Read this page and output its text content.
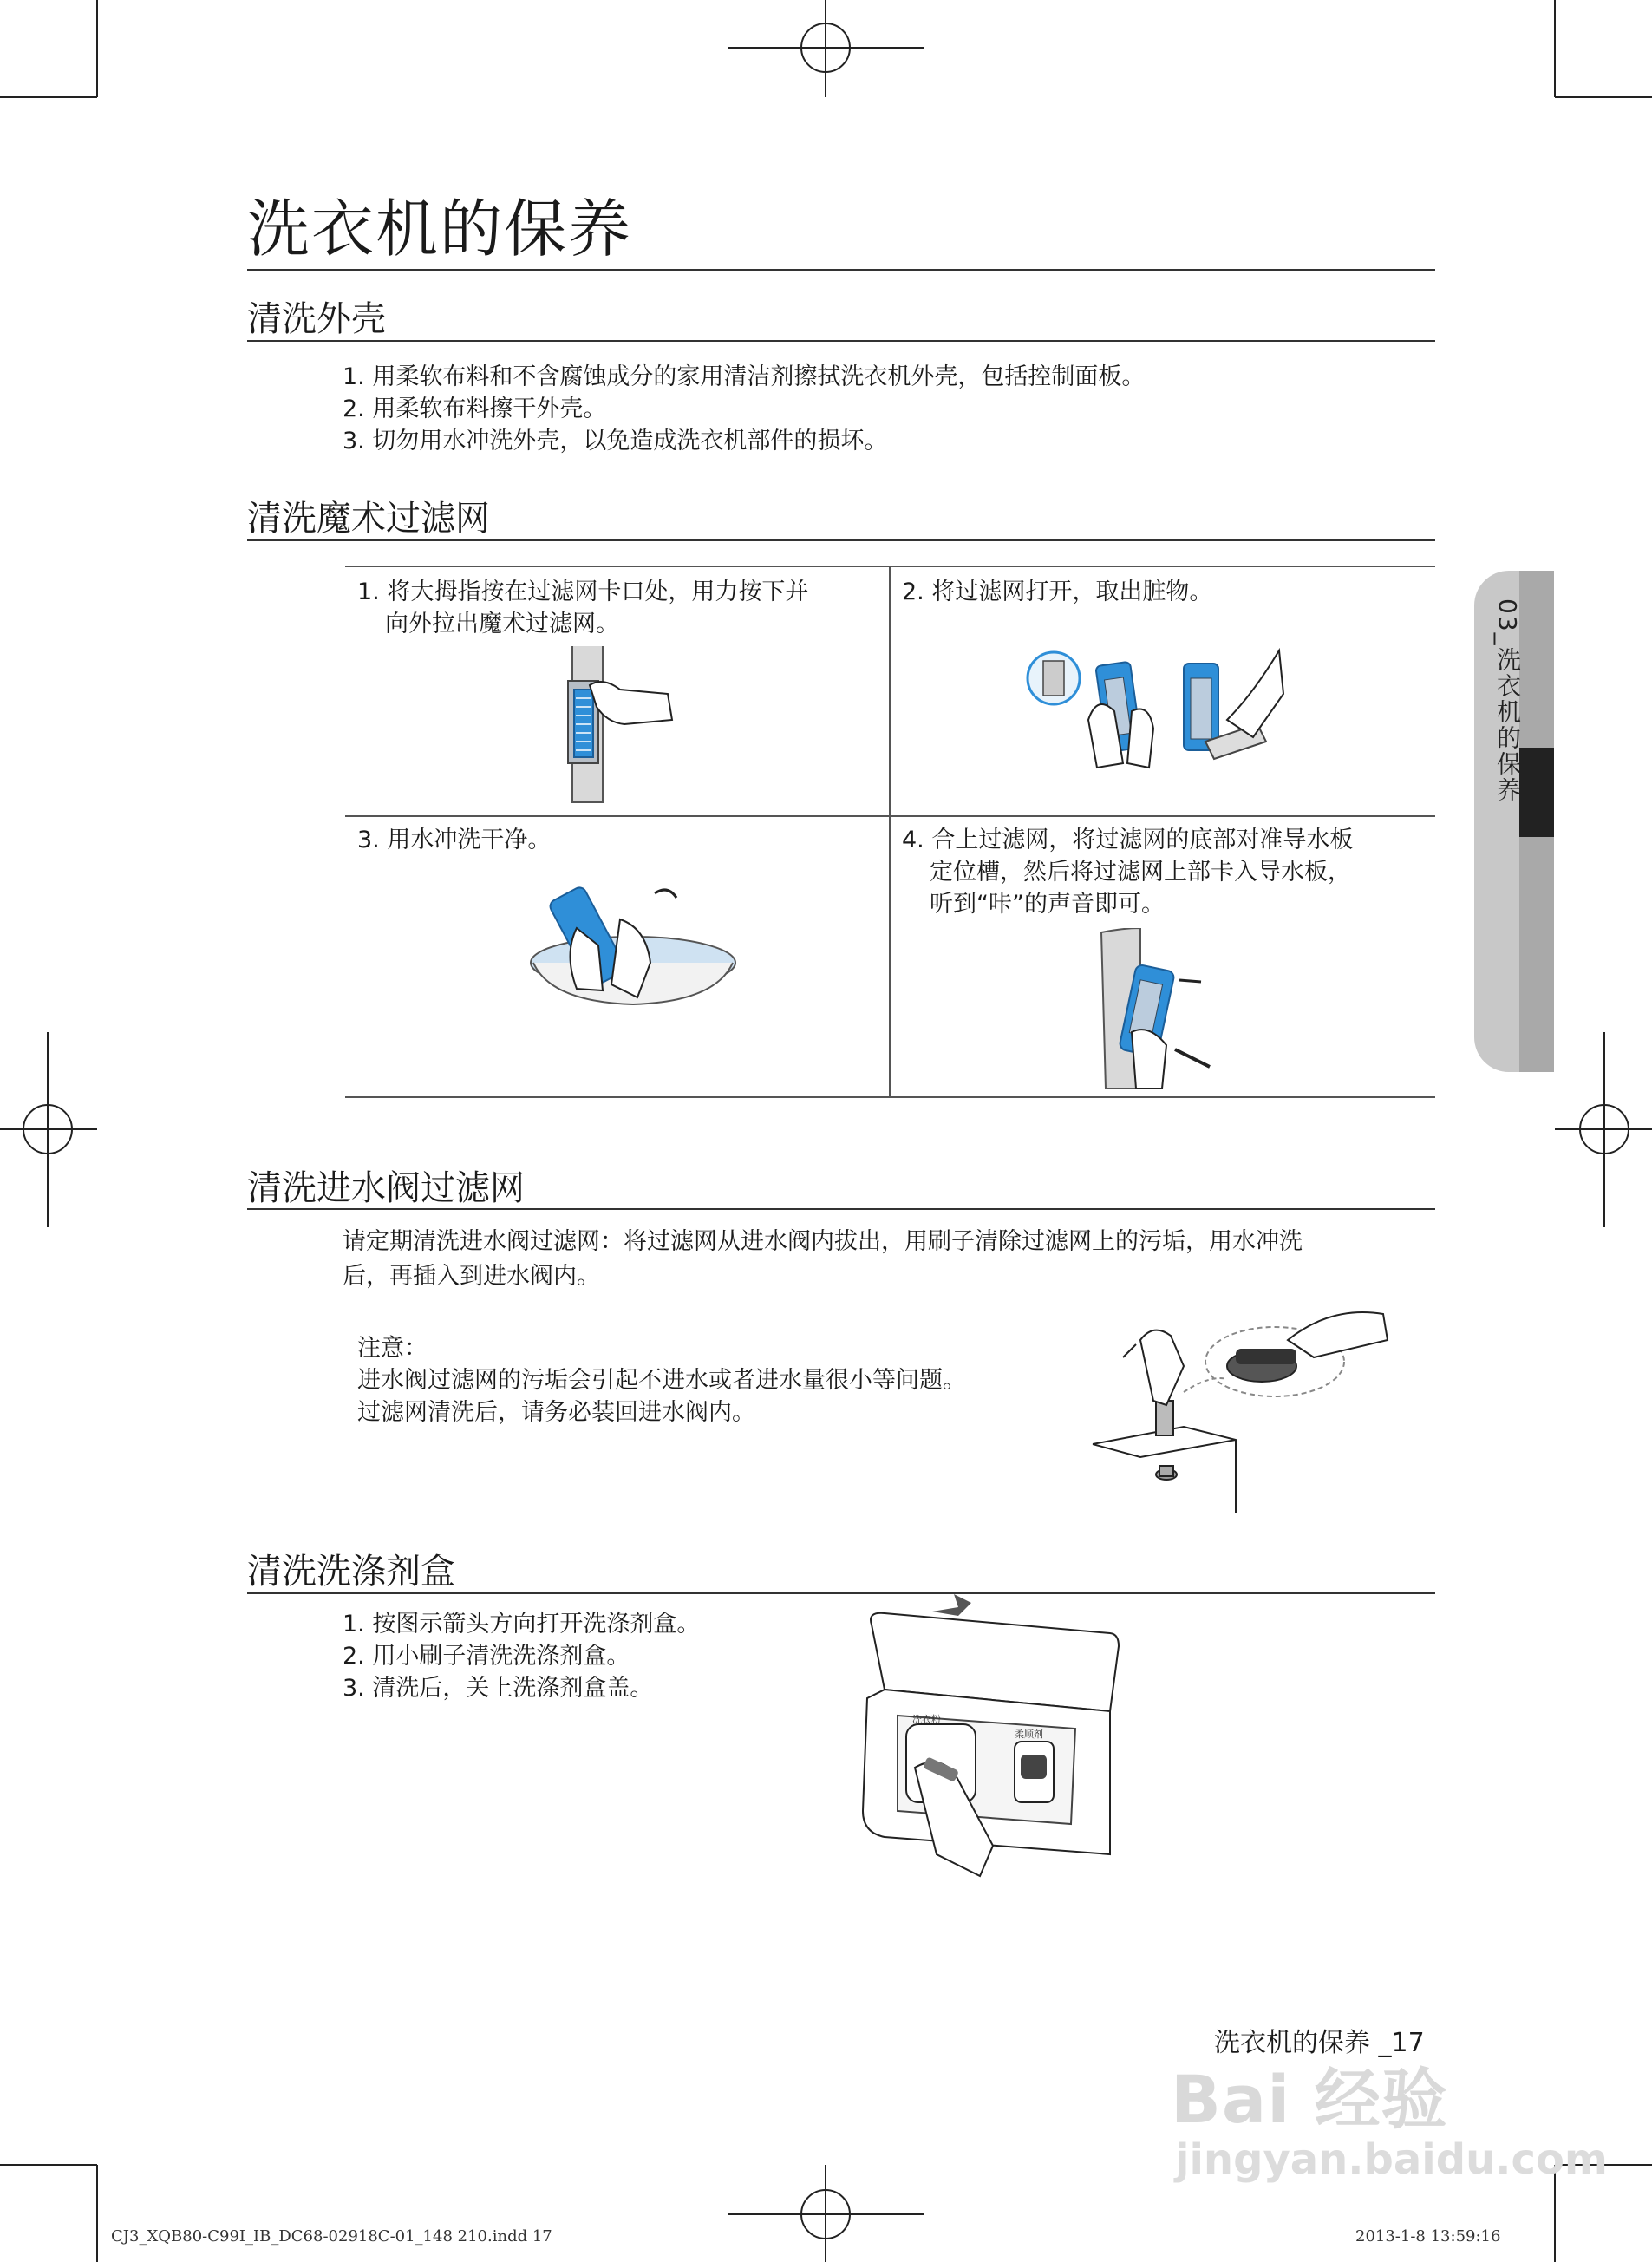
03_洗衣机的保养
洗衣机的保养
清洗外壳
1. 用柔软布料和不含腐蚀成分的家用清洁剂擦拭洗衣机外壳，包括控制面板。
2. 用柔软布料擦干外壳。
3. 切勿用水冲洗外壳，以免造成洗衣机部件的损坏。
清洗魔术过滤网
1. 将大拇指按在过滤网卡口处，用力按下并
向外拉出魔术过滤网。
2. 将过滤网打开，取出脏物。
3. 用水冲洗干净。	4. 合上过滤网，将过滤网的底部对准导水板
定位槽，然后将过滤网上部卡入导水板，
听到“咔”的声音即可。
清洗进水阀过滤网
请定期清洗进水阀过滤网：将过滤网从进水阀内拔出，用刷子清除过滤网上的污垢，用水冲洗
后，再插入到进水阀内。
注意：
进水阀过滤网的污垢会引起不进水或者进水量很小等问题。
过滤网清洗后，请务必装回进水阀内。
清洗洗涤剂盒
1. 按图示箭头方向打开洗涤剂盒。
2. 用小刷子清洗洗涤剂盒。
3. 清洗后，关上洗涤剂盒盖。
洗衣粉
柔顺剂
洗衣机的保养 _17
Bai 经验
jingyan.baidu.com
CJ3_XQB80-C99I_IB_DC68-02918C-01_148 210.indd 17	2013-1-8 13:59:16
